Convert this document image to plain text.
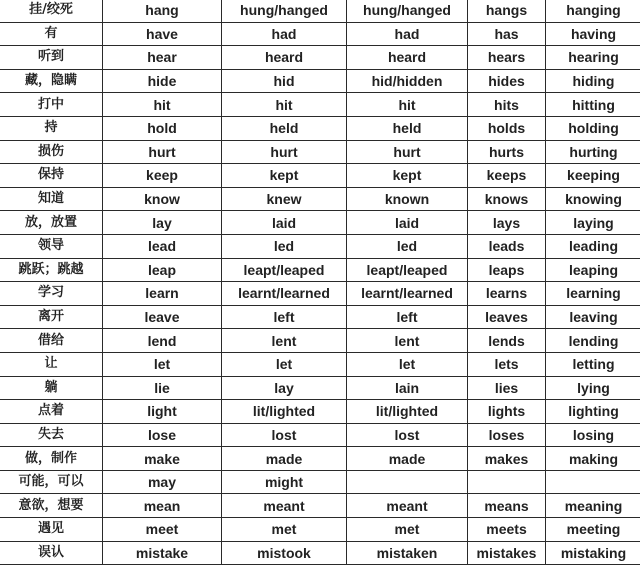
挂/绞死	hang	hung/hanged	hung/hanged	hangs	hanging
有	have	had	had	has	having
听到	hear	heard	heard	hears	hearing
藏，隐瞒	hide	hid	hid/hidden	hides	hiding
打中	hit	hit	hit	hits	hitting
持	hold	held	held	holds	holding
损伤	hurt	hurt	hurt	hurts	hurting
保持	keep	kept	kept	keeps	keeping
知道	know	knew	known	knows	knowing
放，放置	lay	laid	laid	lays	laying
领导	lead	led	led	leads	leading
跳跃；跳越	leap	leapt/leaped	leapt/leaped	leaps	leaping
学习	learn	learnt/learned	learnt/learned	learns	learning
离开	leave	left	left	leaves	leaving
借给	lend	lent	lent	lends	lending
让	let	let	let	lets	letting
躺	lie	lay	lain	lies	lying
点着	light	lit/lighted	lit/lighted	lights	lighting
失去	lose	lost	lost	loses	losing
做，制作	make	made	made	makes	making
可能，可以	may	might			
意欲，想要	mean	meant	meant	means	meaning
遇见	meet	met	met	meets	meeting
误认	mistake	mistook	mistaken	mistakes	mistaking
